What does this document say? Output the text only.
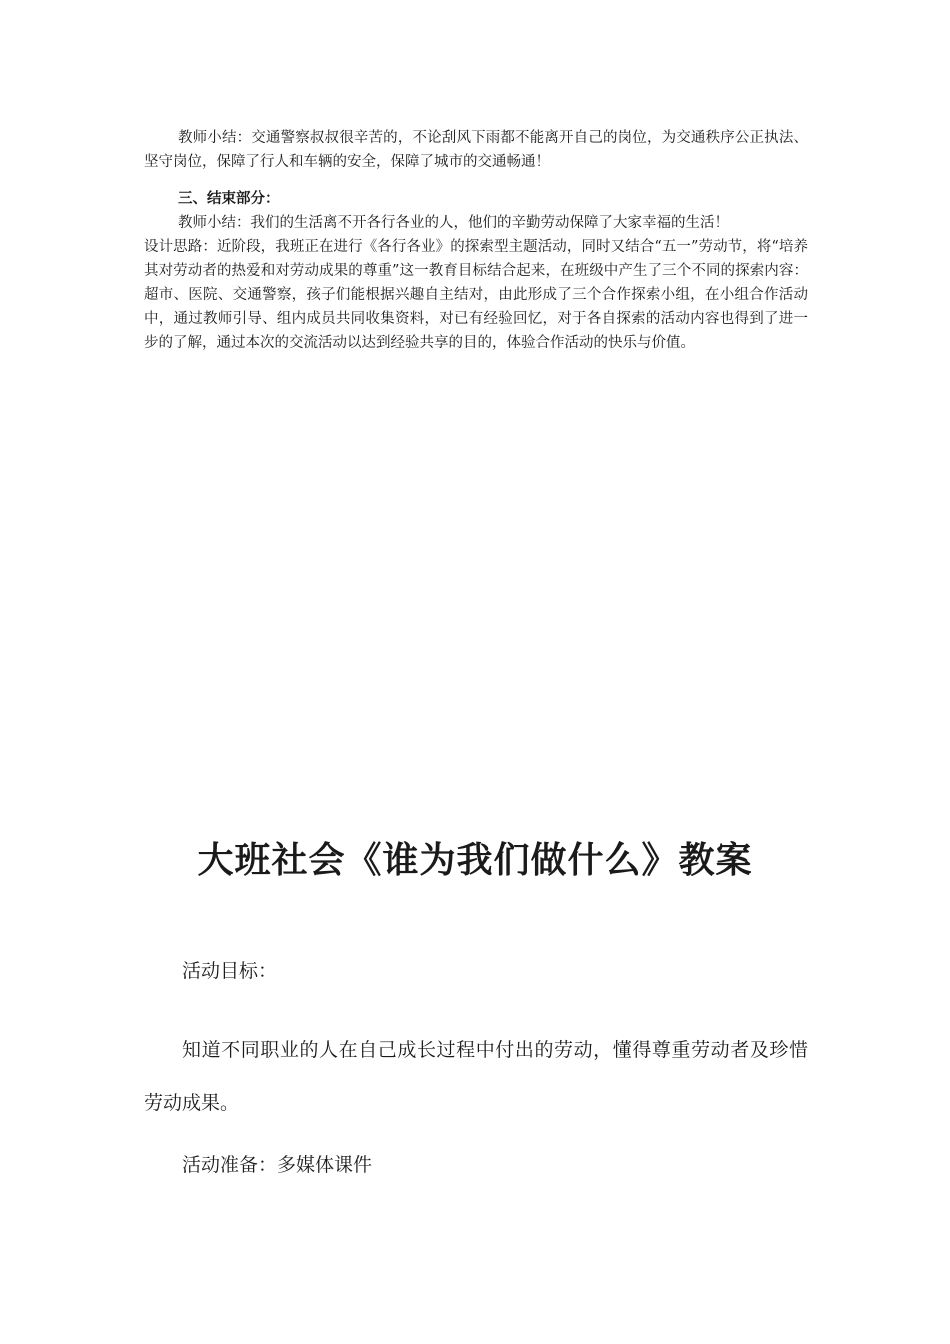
教师小结：交通警察叔叔很辛苦的，不论刮风下雨都不能离开自己的岗位，为交通秩序公正执法、坚守岗位，保障了行人和车辆的安全，保障了城市的交通畅通！

三、结束部分：

教师小结：我们的生活离不开各行各业的人，他们的辛勤劳动保障了大家幸福的生活！

设计思路：近阶段，我班正在进行《各行各业》的探索型主题活动，同时又结合“五一”劳动节，将“培养其对劳动者的热爱和对劳动成果的尊重”这一教育目标结合起来，在班级中产生了三个不同的探索内容：超市、医院、交通警察，孩子们能根据兴趣自主结对，由此形成了三个合作探索小组，在小组合作活动中，通过教师引导、组内成员共同收集资料，对已有经验回忆，对于各自探索的活动内容也得到了进一步的了解，通过本次的交流活动以达到经验共享的目的，体验合作活动的快乐与价值。

大班社会《谁为我们做什么》教案

活动目标：

知道不同职业的人在自己成长过程中付出的劳动，懂得尊重劳动者及珍惜劳动成果。

活动准备：多媒体课件
